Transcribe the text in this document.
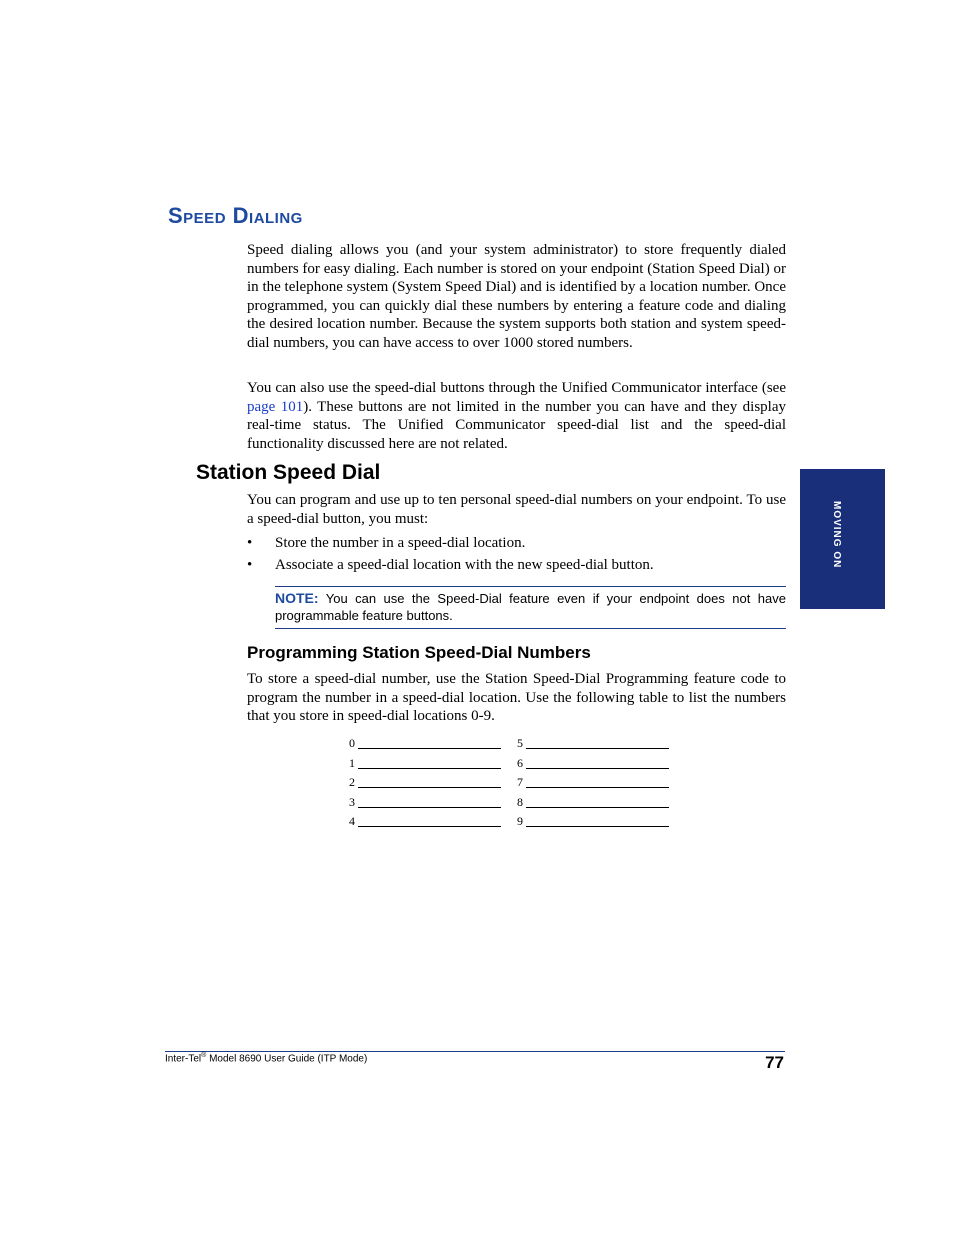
Speed Dialing
Speed dialing allows you (and your system administrator) to store frequently dialed numbers for easy dialing. Each number is stored on your endpoint (Station Speed Dial) or in the telephone system (System Speed Dial) and is identified by a location number. Once programmed, you can quickly dial these numbers by entering a feature code and dialing the desired location number. Because the system supports both station and system speed-dial numbers, you can have access to over 1000 stored numbers.
You can also use the speed-dial buttons through the Unified Communicator interface (see page 101). These buttons are not limited in the number you can have and they display real-time status. The Unified Communicator speed-dial list and the speed-dial functionality discussed here are not related.
Station Speed Dial
You can program and use up to ten personal speed-dial numbers on your endpoint. To use a speed-dial button, you must:
• Store the number in a speed-dial location.
• Associate a speed-dial location with the new speed-dial button.
NOTE: You can use the Speed-Dial feature even if your endpoint does not have programmable feature buttons.
Programming Station Speed-Dial Numbers
To store a speed-dial number, use the Station Speed-Dial Programming feature code to program the number in a speed-dial location. Use the following table to list the numbers that you store in speed-dial locations 0-9.
0
1
2
3
4
5
6
7
8
9
MOVING ON
Inter-Tel® Model 8690 User Guide (ITP Mode)	77
